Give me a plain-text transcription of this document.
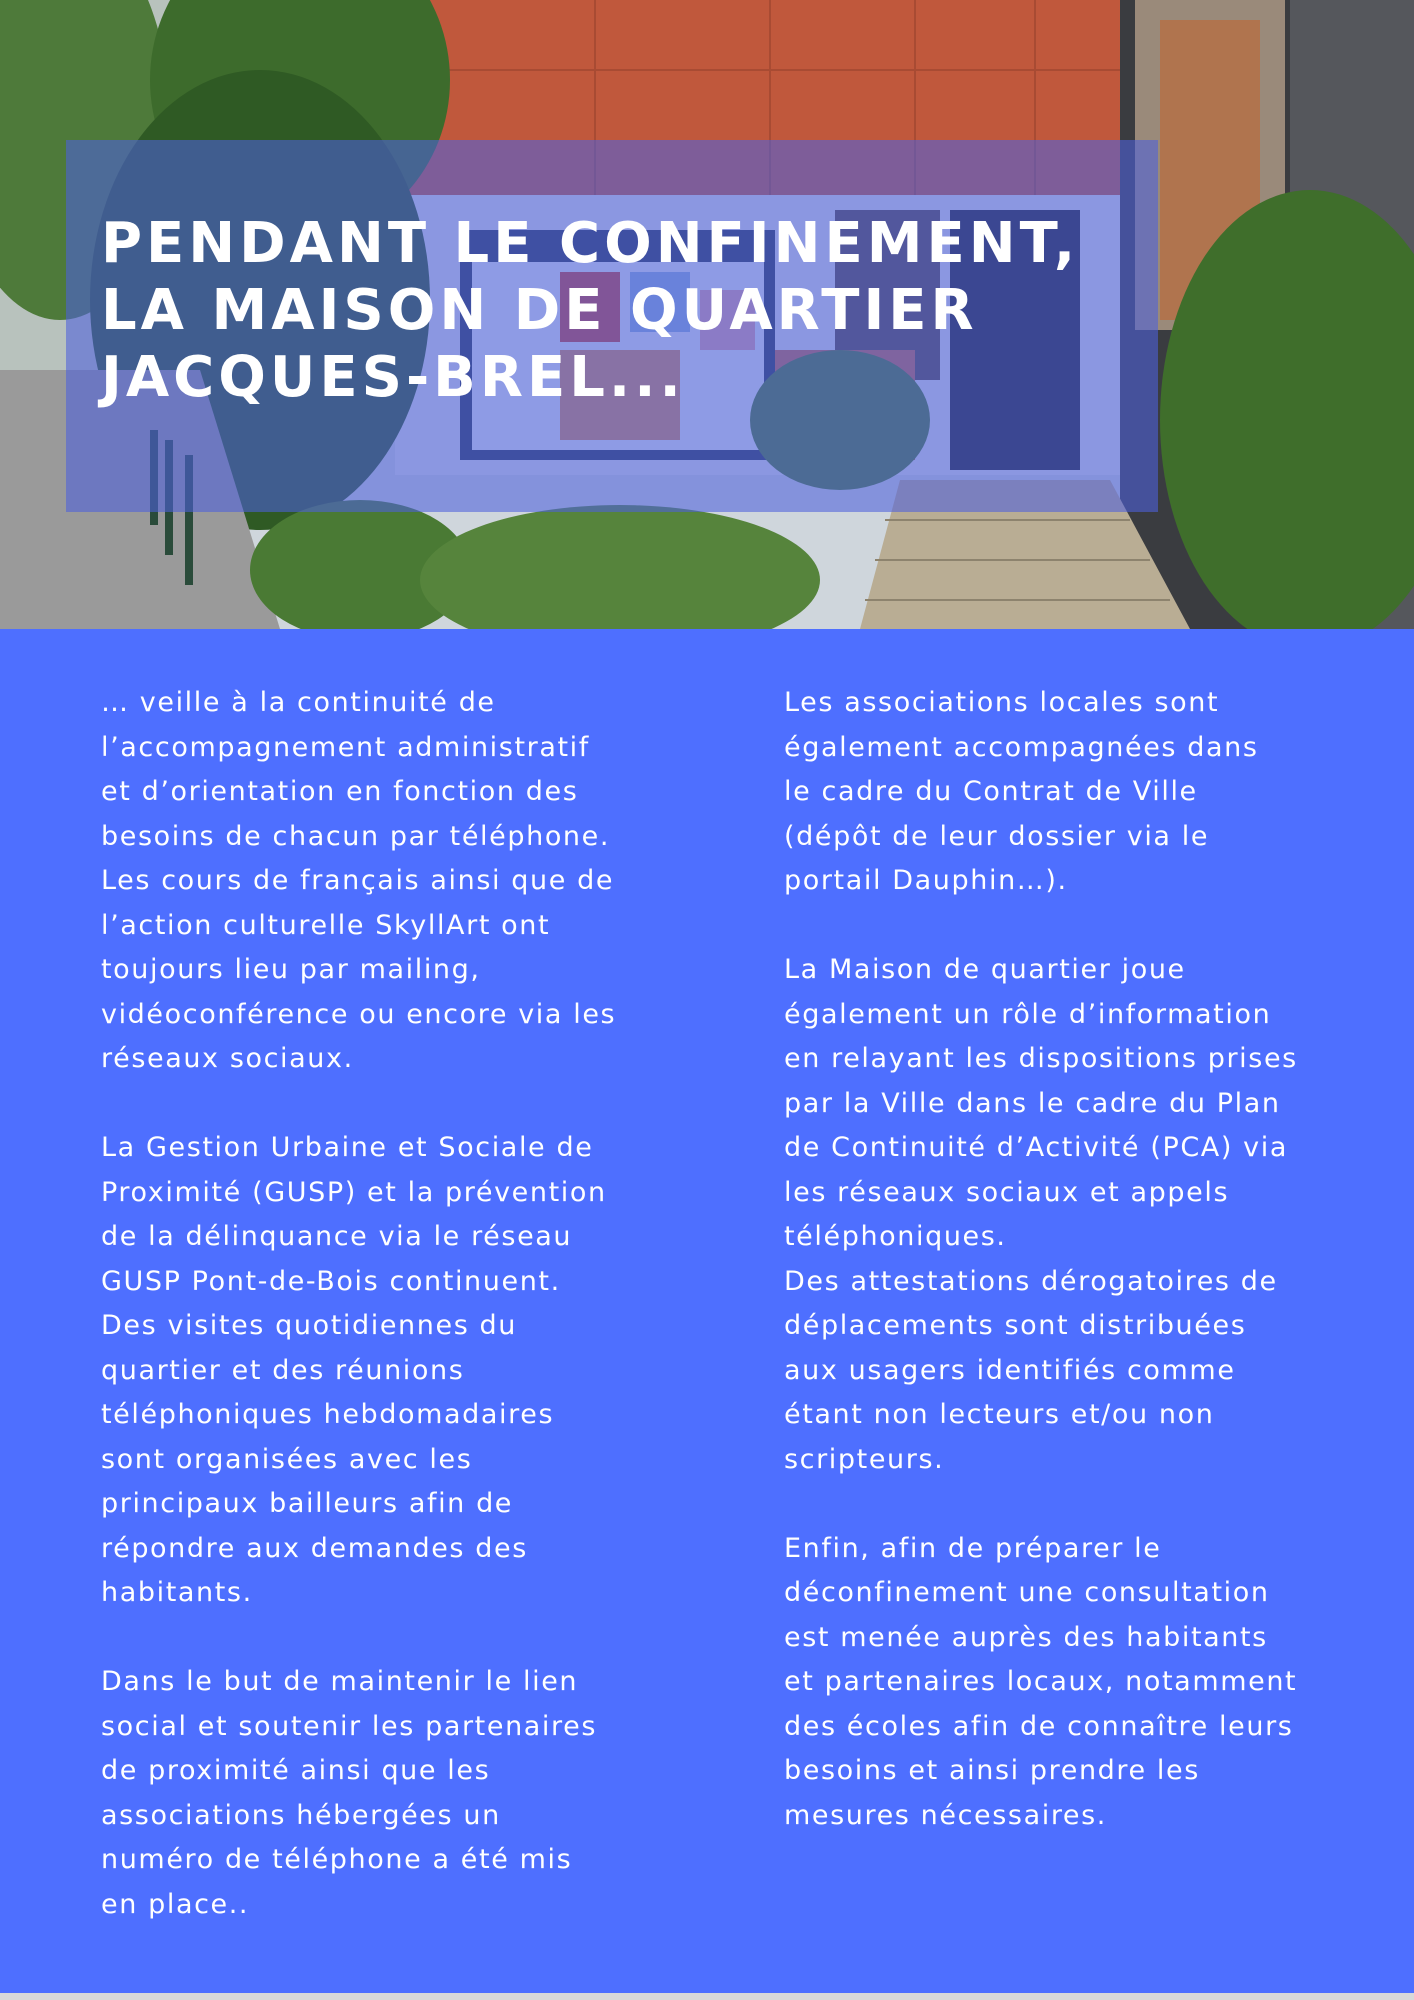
PENDANT LE CONFINEMENT,
LA MAISON DE QUARTIER
JACQUES-BREL...

… veille à la continuité de
l’accompagnement administratif
et d’orientation en fonction des
besoins de chacun par téléphone.
Les cours de français ainsi que de
l’action culturelle SkyllArt ont
toujours lieu par mailing,
vidéoconférence ou encore via les
réseaux sociaux.

La Gestion Urbaine et Sociale de
Proximité (GUSP) et la prévention
de la délinquance via le réseau
GUSP Pont-de-Bois continuent.
Des visites quotidiennes du
quartier et des réunions
téléphoniques hebdomadaires
sont organisées avec les
principaux bailleurs afin de
répondre aux demandes des
habitants.

Dans le but de maintenir le lien
social et soutenir les partenaires
de proximité ainsi que les
associations hébergées un
numéro de téléphone a été mis
en place..

Les associations locales sont
également accompagnées dans
le cadre du Contrat de Ville
(dépôt de leur dossier via le
portail Dauphin…).

La Maison de quartier joue
également un rôle d’information
en relayant les dispositions prises
par la Ville dans le cadre du Plan
de Continuité d’Activité (PCA) via
les réseaux sociaux et appels
téléphoniques.

Des attestations dérogatoires de
déplacements sont distribuées
aux usagers identifiés comme
étant non lecteurs et/ou non
scripteurs.

Enfin, afin de préparer le
déconfinement une consultation
est menée auprès des habitants
et partenaires locaux, notamment
des écoles afin de connaître leurs
besoins et ainsi prendre les
mesures nécessaires.
